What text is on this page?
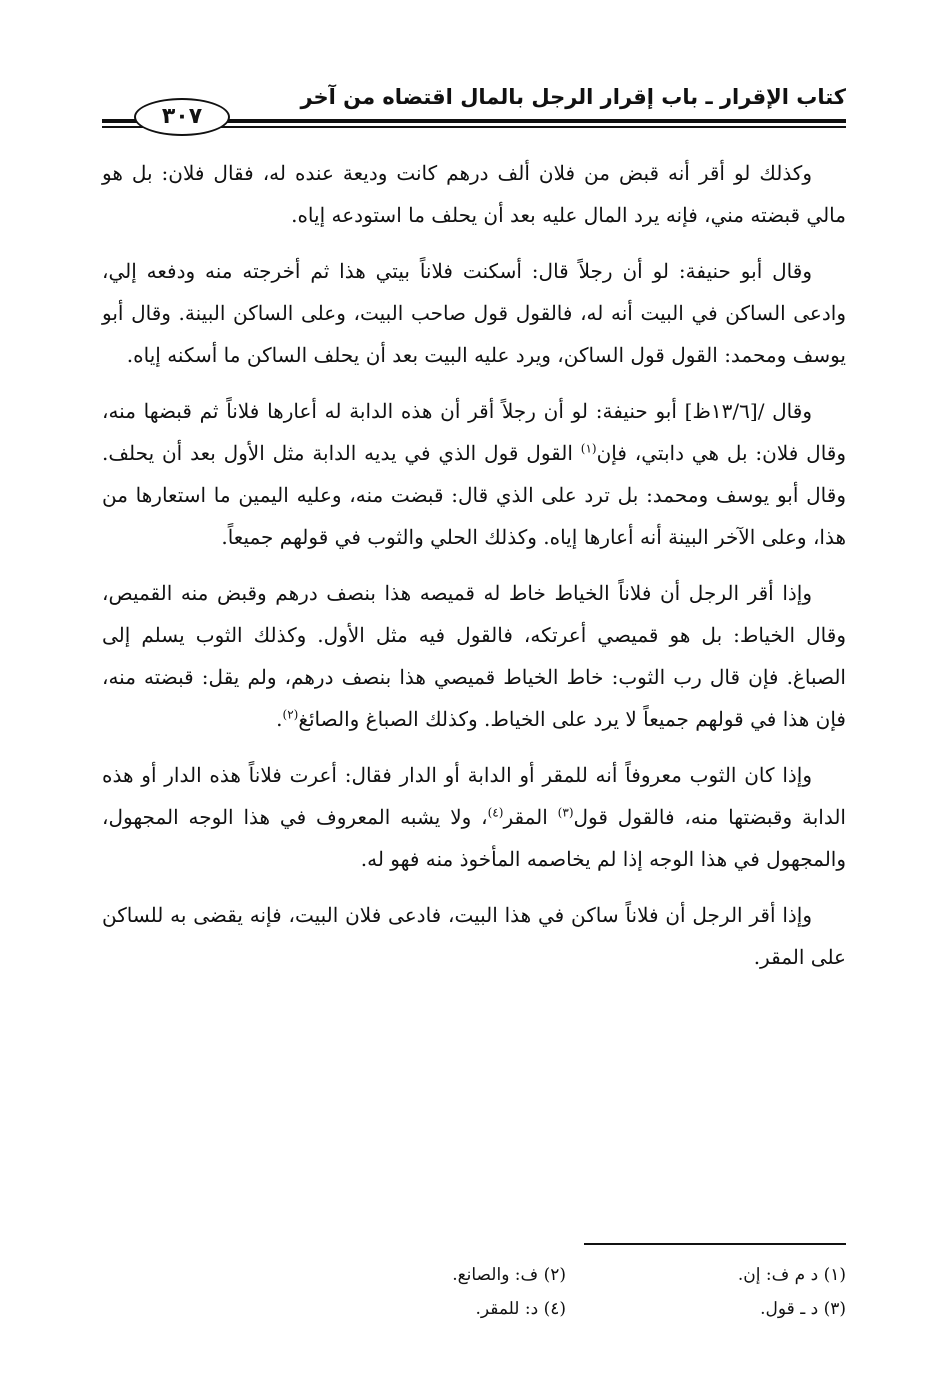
كتاب الإقرار ـ باب إقرار الرجل بالمال اقتضاه من آخر
٣٠٧

وكذلك لو أقر أنه قبض من فلان ألف درهم كانت وديعة عنده له، فقال فلان: بل هو مالي قبضته مني، فإنه يرد المال عليه بعد أن يحلف ما استودعه إياه.

وقال أبو حنيفة: لو أن رجلاً قال: أسكنت فلاناً بيتي هذا ثم أخرجته منه ودفعه إلي، وادعى الساكن في البيت أنه له، فالقول قول صاحب البيت، وعلى الساكن البينة. وقال أبو يوسف ومحمد: القول قول الساكن، ويرد عليه البيت بعد أن يحلف الساكن ما أسكنه إياه.

وقال /[١٣/٦ظ] أبو حنيفة: لو أن رجلاً أقر أن هذه الدابة له أعارها فلاناً ثم قبضها منه، وقال فلان: بل هي دابتي، فإن$^{(١)}$ القول قول الذي في يديه الدابة مثل الأول بعد أن يحلف. وقال أبو يوسف ومحمد: بل ترد على الذي قال: قبضت منه، وعليه اليمين ما استعارها من هذا، وعلى الآخر البينة أنه أعارها إياه. وكذلك الحلي والثوب في قولهم جميعاً.

وإذا أقر الرجل أن فلاناً الخياط خاط له قميصه هذا بنصف درهم وقبض منه القميص، وقال الخياط: بل هو قميصي أعرتكه، فالقول فيه مثل الأول. وكذلك الثوب يسلم إلى الصباغ. فإن قال رب الثوب: خاط الخياط قميصي هذا بنصف درهم، ولم يقل: قبضته منه، فإن هذا في قولهم جميعاً لا يرد على الخياط. وكذلك الصباغ والصائغ$^{(٢)}$.

وإذا كان الثوب معروفاً أنه للمقر أو الدابة أو الدار فقال: أعرت فلاناً هذه الدار أو هذه الدابة وقبضتها منه، فالقول قول$^{(٣)}$ المقر$^{(٤)}$، ولا يشبه المعروف في هذا الوجه المجهول، والمجهول في هذا الوجه إذا لم يخاصمه المأخوذ منه فهو له.

وإذا أقر الرجل أن فلاناً ساكن في هذا البيت، فادعى فلان البيت، فإنه يقضى به للساكن على المقر.

(١) د م ف: إن.
(٢) ف: والصانع.
(٣) د ـ قول.
(٤) د: للمقر.
